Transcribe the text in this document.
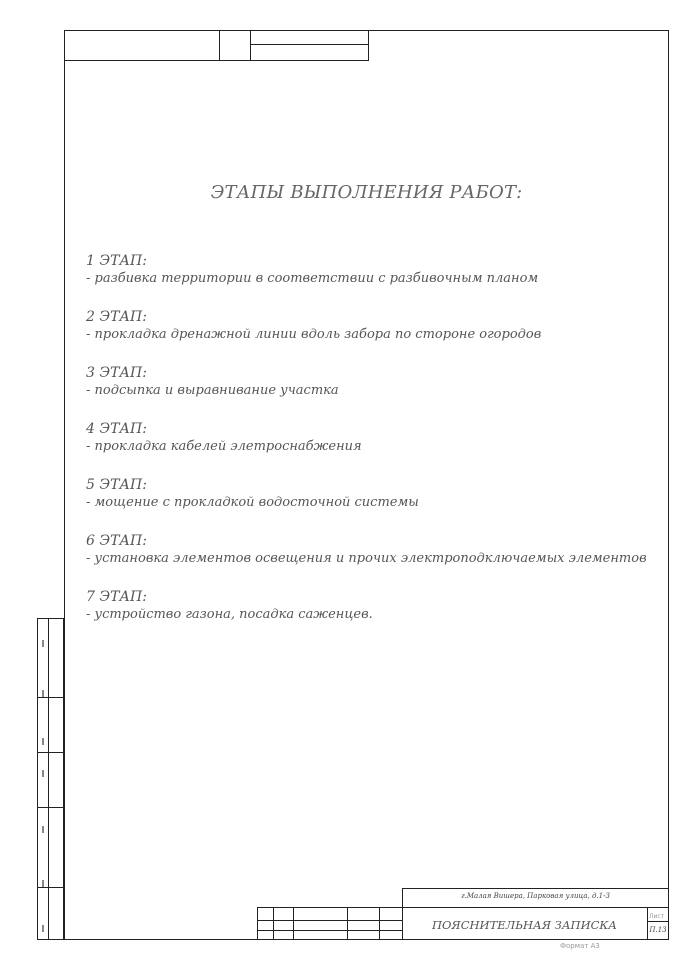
ЭТАПЫ ВЫПОЛНЕНИЯ РАБОТ:
1 ЭТАП:
- разбивка территории в соответствии с разбивочным планом
2 ЭТАП:
- прокладка дренажной линии вдоль забора по стороне огородов
3 ЭТАП:
- подсыпка и выравнивание участка
4 ЭТАП:
- прокладка кабелей элетроснабжения
5 ЭТАП:
- мощение с прокладкой водосточной системы
6 ЭТАП:
- установка элементов освещения и прочих электроподключаемых элементов
7 ЭТАП:
- устройство газона, посадка саженцев.
г.Малая Вишера, Парковая улица, д.1-3
ПОЯСНИТЕЛЬНАЯ ЗАПИСКА
Лист
П.13
Формат А3
